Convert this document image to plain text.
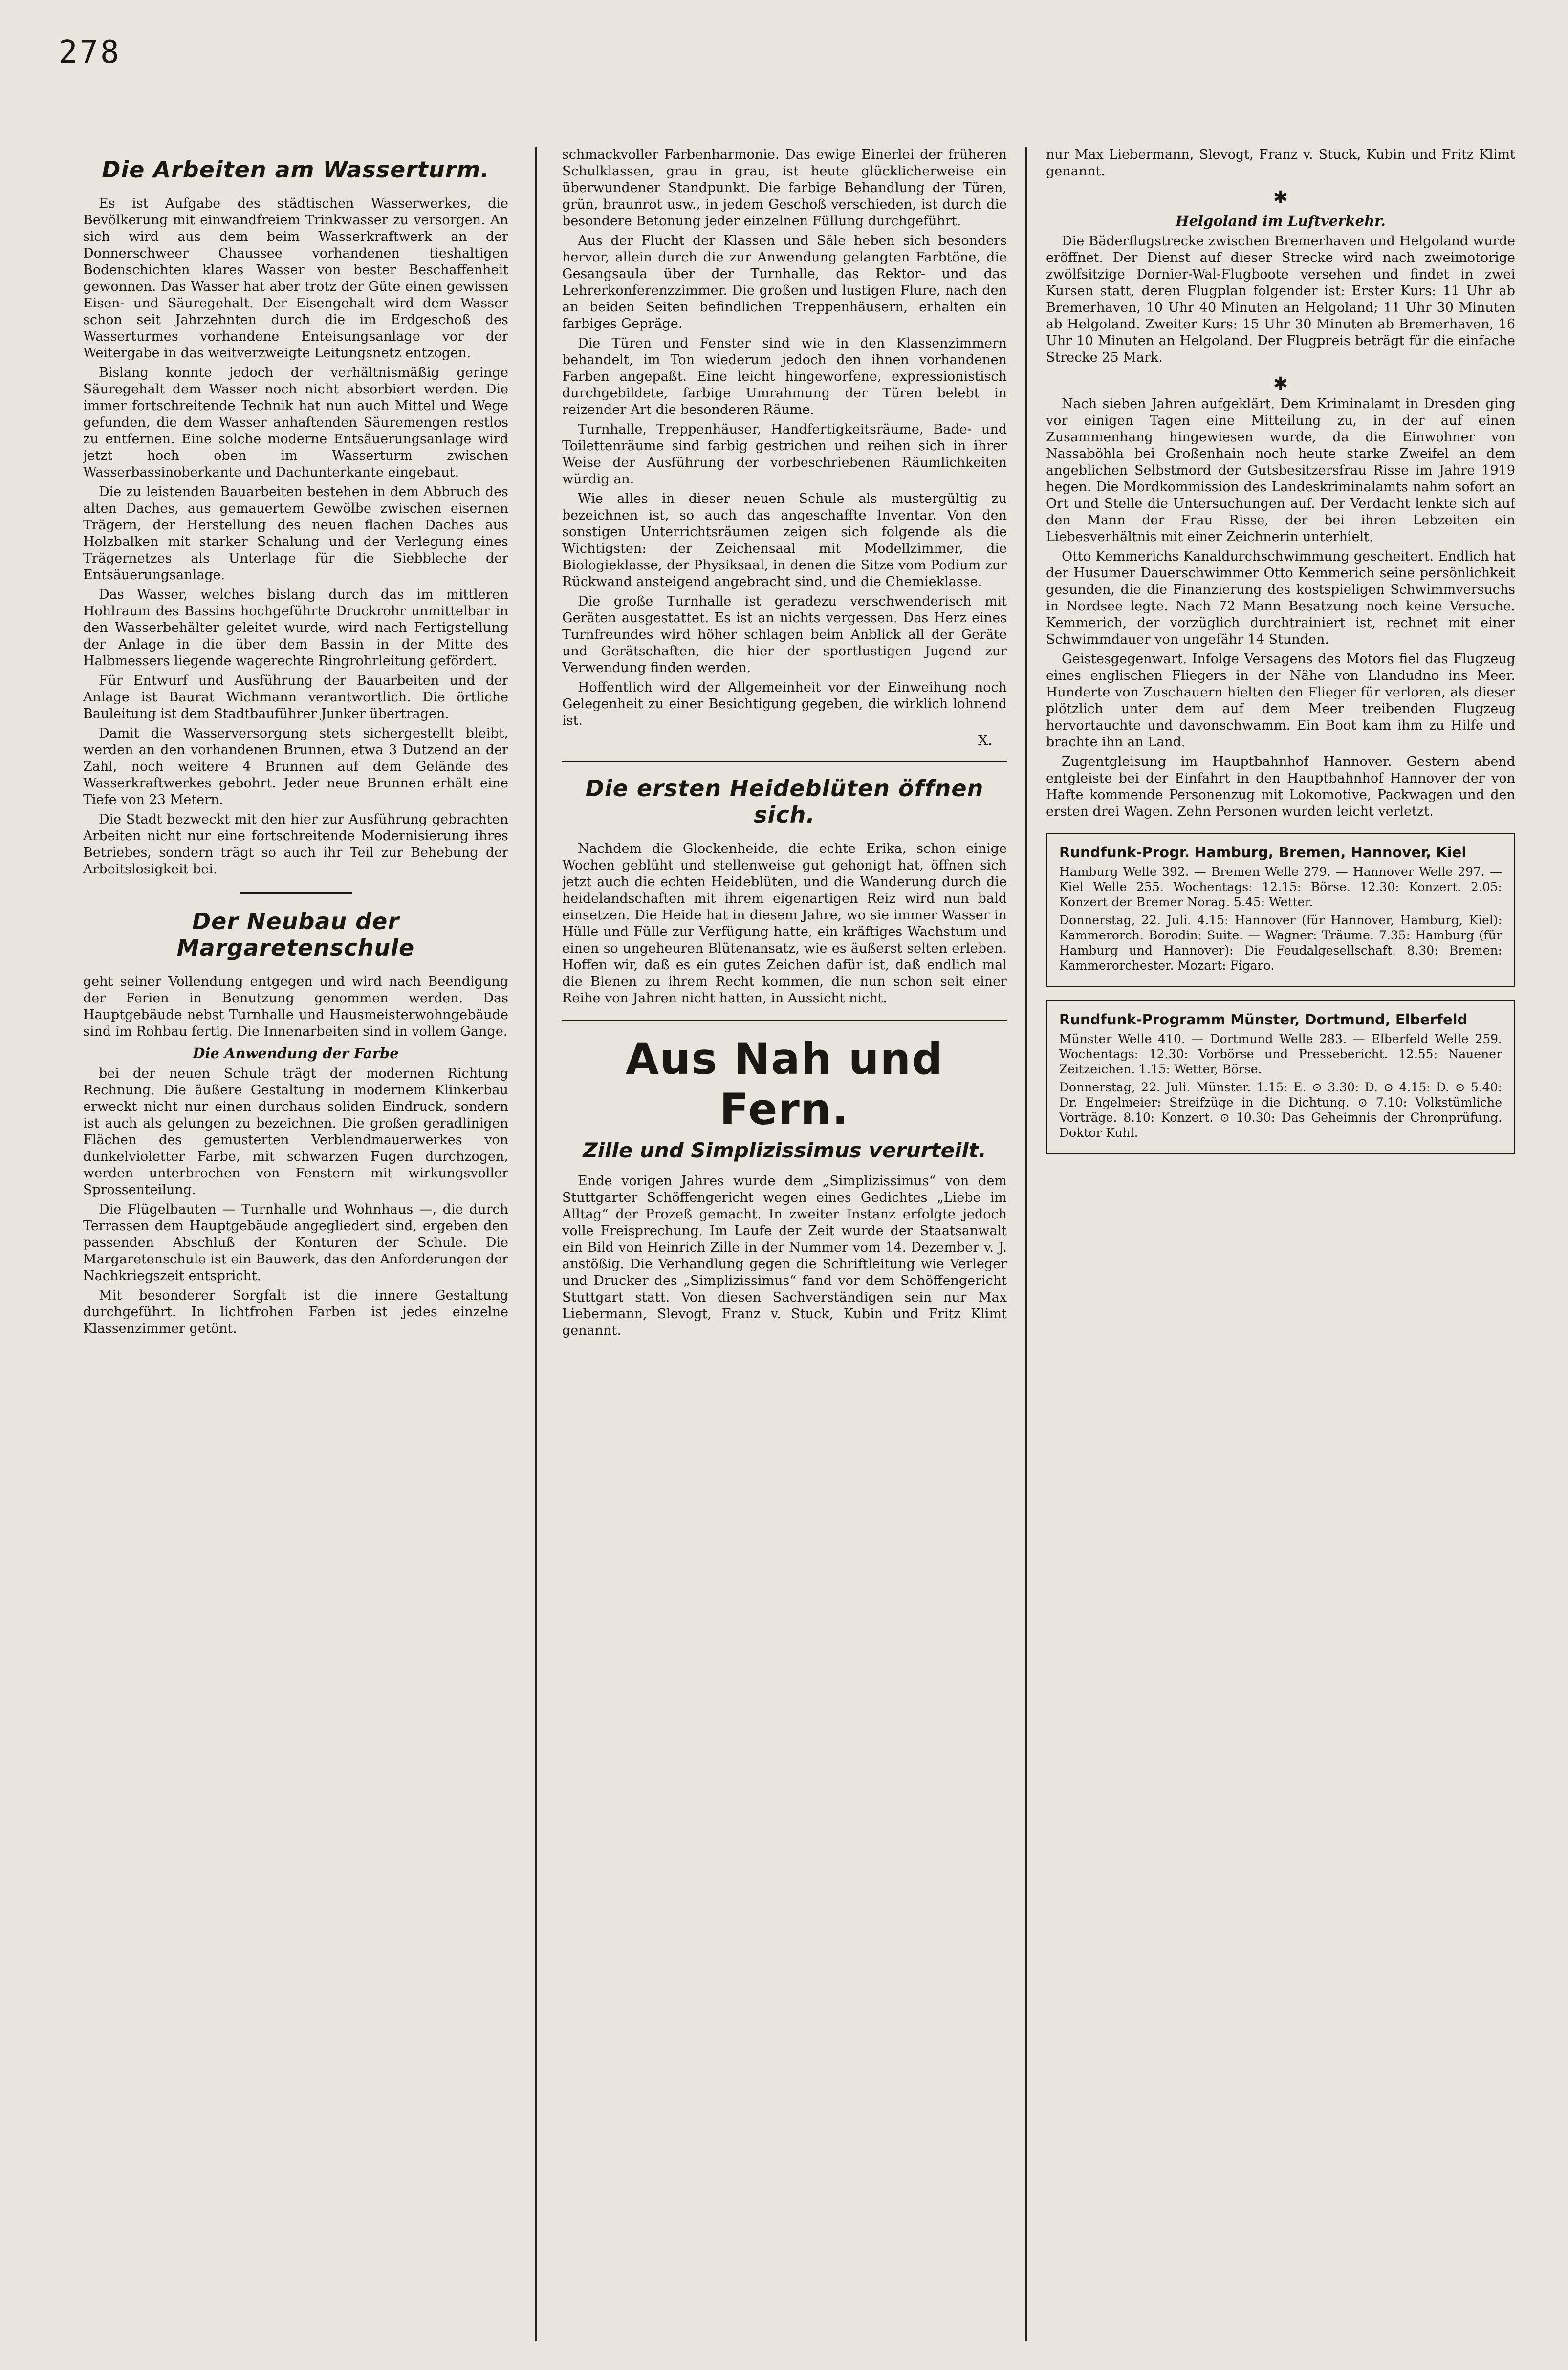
278
Die Arbeiten am Wasserturm.

Es ist Aufgabe des städtischen Wasserwerkes, die Bevölkerung mit einwandfreiem Trinkwasser zu versorgen. An sich wird aus dem beim Wasserkraftwerk an der Donnerschweer Chaussee vorhandenen tieshaltigen Bodenschichten klares Wasser von bester Beschaffenheit gewonnen. Das Wasser hat aber trotz der Güte einen gewissen Eisen- und Säuregehalt. Der Eisengehalt wird dem Wasser schon seit Jahrzehnten durch die im Erdgeschoß des Wasserturmes vorhandene Enteisungsanlage vor der Weitergabe in das weitverzweigte Leitungsnetz entzogen.

Bislang konnte jedoch der verhältnismäßig geringe Säuregehalt dem Wasser noch nicht absorbiert werden. Die immer fortschreitende Technik hat nun auch Mittel und Wege gefunden, die dem Wasser anhaftenden Säuremengen restlos zu entfernen. Eine solche moderne Entsäuerungsanlage wird jetzt hoch oben im Wasserturm zwischen Wasserbassinoberkante und Dachunterkante eingebaut.

Die zu leistenden Bauarbeiten bestehen in dem Abbruch des alten Daches, aus gemauertem Gewölbe zwischen eisernen Trägern, der Herstellung des neuen flachen Daches aus Holzbalken mit starker Schalung und der Verlegung eines Trägernetzes als Unterlage für die Siebbleche der Entsäuerungsanlage.

Das Wasser, welches bislang durch das im mittleren Hohlraum des Bassins hochgeführte Druckrohr unmittelbar in den Wasserbehälter geleitet wurde, wird nach Fertigstellung der Anlage in die über dem Bassin in der Mitte des Halbmessers liegende wagerechte Ringrohrleitung gefördert.

Für Entwurf und Ausführung der Bauarbeiten und der Anlage ist Baurat Wichmann verantwortlich. Die örtliche Bauleitung ist dem Stadtbauführer Junker übertragen.

Damit die Wasserversorgung stets sichergestellt bleibt, werden an den vorhandenen Brunnen, etwa 3 Dutzend an der Zahl, noch weitere 4 Brunnen auf dem Gelände des Wasserkraftwerkes gebohrt. Jeder neue Brunnen erhält eine Tiefe von 23 Metern.

Die Stadt bezweckt mit den hier zur Ausführung gebrachten Arbeiten nicht nur eine fortschreitende Modernisierung ihres Betriebes, sondern trägt so auch ihr Teil zur Behebung der Arbeitslosigkeit bei.

Der Neubau der Margaretenschule

geht seiner Vollendung entgegen und wird nach Beendigung der Ferien in Benutzung genommen werden. Das Hauptgebäude nebst Turnhalle und Hausmeisterwohngebäude sind im Rohbau fertig. Die Innenarbeiten sind in vollem Gange.

Die Anwendung der Farbe

bei der neuen Schule trägt der modernen Richtung Rechnung. Die äußere Gestaltung in modernem Klinkerbau erweckt nicht nur einen durchaus soliden Eindruck, sondern ist auch als gelungen zu bezeichnen. Die großen geradlinigen Flächen des gemusterten Verblendmauerwerkes von dunkelvioletter Farbe, mit schwarzen Fugen durchzogen, werden unterbrochen von Fenstern mit wirkungsvoller Sprossenteilung.

Die Flügelbauten — Turnhalle und Wohnhaus —, die durch Terrassen dem Hauptgebäude angegliedert sind, ergeben den passenden Abschluß der Konturen der Schule. Die Margaretenschule ist ein Bauwerk, das den Anforderungen der Nachkriegszeit entspricht.

Mit besonderer Sorgfalt ist die innere Gestaltung durchgeführt. In lichtfrohen Farben ist jedes einzelne Klassenzimmer getönt.

schmackvoller Farbenharmonie. Das ewige Einerlei der früheren Schulklassen, grau in grau, ist heute glücklicherweise ein überwundener Standpunkt. Die farbige Behandlung der Türen, grün, braunrot usw., in jedem Geschoß verschieden, ist durch die besondere Betonung jeder einzelnen Füllung durchgeführt.

Aus der Flucht der Klassen und Säle heben sich besonders hervor, allein durch die zur Anwendung gelangten Farbtöne, die Gesangsaula über der Turnhalle, das Rektor- und das Lehrerkonferenzzimmer. Die großen und lustigen Flure, nach den an beiden Seiten befindlichen Treppenhäusern, erhalten ein farbiges Gepräge.

Die Türen und Fenster sind wie in den Klassenzimmern behandelt, im Ton wiederum jedoch den ihnen vorhandenen Farben angepaßt. Eine leicht hingeworfene, expressionistisch durchgebildete, farbige Umrahmung der Türen belebt in reizender Art die besonderen Räume.

Turnhalle, Treppenhäuser, Handfertigkeitsräume, Bade- und Toilettenräume sind farbig gestrichen und reihen sich in ihrer Weise der Ausführung der vorbeschriebenen Räumlichkeiten würdig an.

Wie alles in dieser neuen Schule als mustergültig zu bezeichnen ist, so auch das angeschaffte Inventar. Von den sonstigen Unterrichtsräumen zeigen sich folgende als die Wichtigsten: der Zeichensaal mit Modellzimmer, die Biologieklasse, der Physiksaal, in denen die Sitze vom Podium zur Rückwand ansteigend angebracht sind, und die Chemieklasse.

Die große Turnhalle ist geradezu verschwenderisch mit Geräten ausgestattet. Es ist an nichts vergessen. Das Herz eines Turnfreundes wird höher schlagen beim Anblick all der Geräte und Gerätschaften, die hier der sportlustigen Jugend zur Verwendung finden werden.

Hoffentlich wird der Allgemeinheit vor der Einweihung noch Gelegenheit zu einer Besichtigung gegeben, die wirklich lohnend ist.

X.
Die ersten Heideblüten öffnen sich.

Nachdem die Glockenheide, die echte Erika, schon einige Wochen geblüht und stellenweise gut gehonigt hat, öffnen sich jetzt auch die echten Heideblüten, und die Wanderung durch die heidelandschaften mit ihrem eigenartigen Reiz wird nun bald einsetzen. Die Heide hat in diesem Jahre, wo sie immer Wasser in Hülle und Fülle zur Verfügung hatte, ein kräftiges Wachstum und einen so ungeheuren Blütenansatz, wie es äußerst selten erleben. Hoffen wir, daß es ein gutes Zeichen dafür ist, daß endlich mal die Bienen zu ihrem Recht kommen, die nun schon seit einer Reihe von Jahren nicht hatten, in Aussicht nicht.

Aus Nah und Fern.
Zille und Simplizissimus verurteilt.

Ende vorigen Jahres wurde dem „Simplizissimus“ von dem Stuttgarter Schöffengericht wegen eines Gedichtes „Liebe im Alltag“ der Prozeß gemacht. In zweiter Instanz erfolgte jedoch volle Freisprechung. Im Laufe der Zeit wurde der Staatsanwalt ein Bild von Heinrich Zille in der Nummer vom 14. Dezember v. J. anstößig. Die Verhandlung gegen die Schriftleitung wie Verleger und Drucker des „Simplizissimus“ fand vor dem Schöffengericht Stuttgart statt. Von diesen Sachverständigen sein nur Max Liebermann, Slevogt, Franz v. Stuck, Kubin und Fritz Klimt genannt.

nur Max Liebermann, Slevogt, Franz v. Stuck, Kubin und Fritz Klimt genannt.

✱
Helgoland im Luftverkehr.

Die Bäderflugstrecke zwischen Bremerhaven und Helgoland wurde eröffnet. Der Dienst auf dieser Strecke wird nach zweimotorige zwölfsitzige Dornier-Wal-Flugboote versehen und findet in zwei Kursen statt, deren Flugplan folgender ist: Erster Kurs: 11 Uhr ab Bremerhaven, 10 Uhr 40 Minuten an Helgoland; 11 Uhr 30 Minuten ab Helgoland. Zweiter Kurs: 15 Uhr 30 Minuten ab Bremerhaven, 16 Uhr 10 Minuten an Helgoland. Der Flugpreis beträgt für die einfache Strecke 25 Mark.

✱

Nach sieben Jahren aufgeklärt. Dem Kriminalamt in Dresden ging vor einigen Tagen eine Mitteilung zu, in der auf einen Zusammenhang hingewiesen wurde, da die Einwohner von Nassaböhla bei Großenhain noch heute starke Zweifel an dem angeblichen Selbstmord der Gutsbesitzersfrau Risse im Jahre 1919 hegen. Die Mordkommission des Landeskriminalamts nahm sofort an Ort und Stelle die Untersuchungen auf. Der Verdacht lenkte sich auf den Mann der Frau Risse, der bei ihren Lebzeiten ein Liebesverhältnis mit einer Zeichnerin unterhielt.

Otto Kemmerichs Kanaldurchschwimmung gescheitert. Endlich hat der Husumer Dauerschwimmer Otto Kemmerich seine persönlichkeit gesunden, die die Finanzierung des kostspieligen Schwimmversuchs in Nordsee legte. Nach 72 Mann Besatzung noch keine Versuche. Kemmerich, der vorzüglich durchtrainiert ist, rechnet mit einer Schwimmdauer von ungefähr 14 Stunden.

Geistesgegenwart. Infolge Versagens des Motors fiel das Flugzeug eines englischen Fliegers in der Nähe von Llandudno ins Meer. Hunderte von Zuschauern hielten den Flieger für verloren, als dieser plötzlich unter dem auf dem Meer treibenden Flugzeug hervortauchte und davonschwamm. Ein Boot kam ihm zu Hilfe und brachte ihn an Land.

Zugentgleisung im Hauptbahnhof Hannover. Gestern abend entgleiste bei der Einfahrt in den Hauptbahnhof Hannover der von Hafte kommende Personenzug mit Lokomotive, Packwagen und den ersten drei Wagen. Zehn Personen wurden leicht verletzt.

Rundfunk-Progr. Hamburg, Bremen, Hannover, Kiel

Hamburg Welle 392. — Bremen Welle 279. — Hannover Welle 297. — Kiel Welle 255. Wochentags: 12.15: Börse. 12.30: Konzert. 2.05: Konzert der Bremer Norag. 5.45: Wetter.

Donnerstag, 22. Juli. 4.15: Hannover (für Hannover, Hamburg, Kiel): Kammerorch. Borodin: Suite. — Wagner: Träume. 7.35: Hamburg (für Hamburg und Hannover): Die Feudalgesellschaft. 8.30: Bremen: Kammerorchester. Mozart: Figaro.

Rundfunk-Programm Münster, Dortmund, Elberfeld

Münster Welle 410. — Dortmund Welle 283. — Elberfeld Welle 259. Wochentags: 12.30: Vorbörse und Pressebericht. 12.55: Nauener Zeitzeichen. 1.15: Wetter, Börse.

Donnerstag, 22. Juli. Münster. 1.15: E. ⊙ 3.30: D. ⊙ 4.15: D. ⊙ 5.40: Dr. Engelmeier: Streifzüge in die Dichtung. ⊙ 7.10: Volkstümliche Vorträge. 8.10: Konzert. ⊙ 10.30: Das Geheimnis der Chronprüfung. Doktor Kuhl.
